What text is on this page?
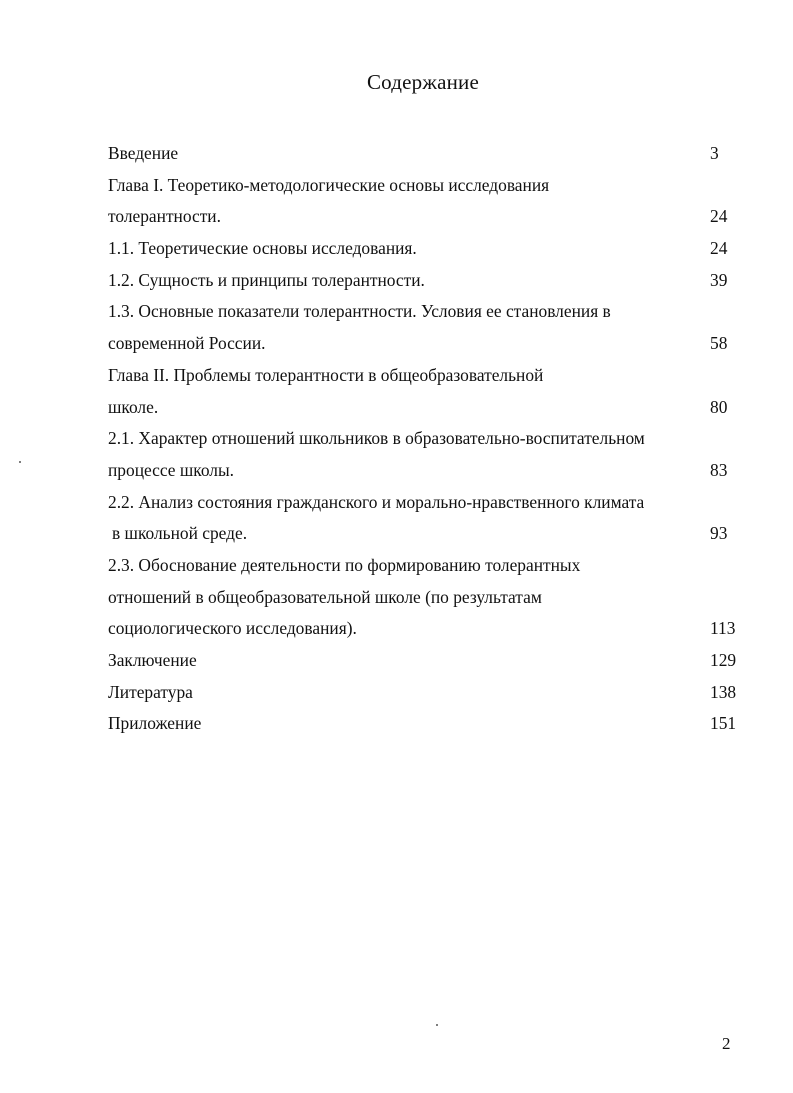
Содержание
Введение	3
Глава I. Теоретико-методологические основы исследования
толерантности.	24
1.1. Теоретические основы исследования.	24
1.2. Сущность и принципы толерантности.	39
1.3. Основные показатели толерантности. Условия ее становления в
современной России.	58
Глава II. Проблемы толерантности в общеобразовательной
школе.	80
2.1. Характер отношений школьников в образовательно-воспитательном
процессе школы.	83
2.2. Анализ состояния гражданского и морально-нравственного климата
в школьной среде.	93
2.3. Обоснование деятельности по формированию толерантных
отношений в общеобразовательной школе (по результатам
социологического исследования).	113
Заключение	129
Литература	138
Приложение	151
2
